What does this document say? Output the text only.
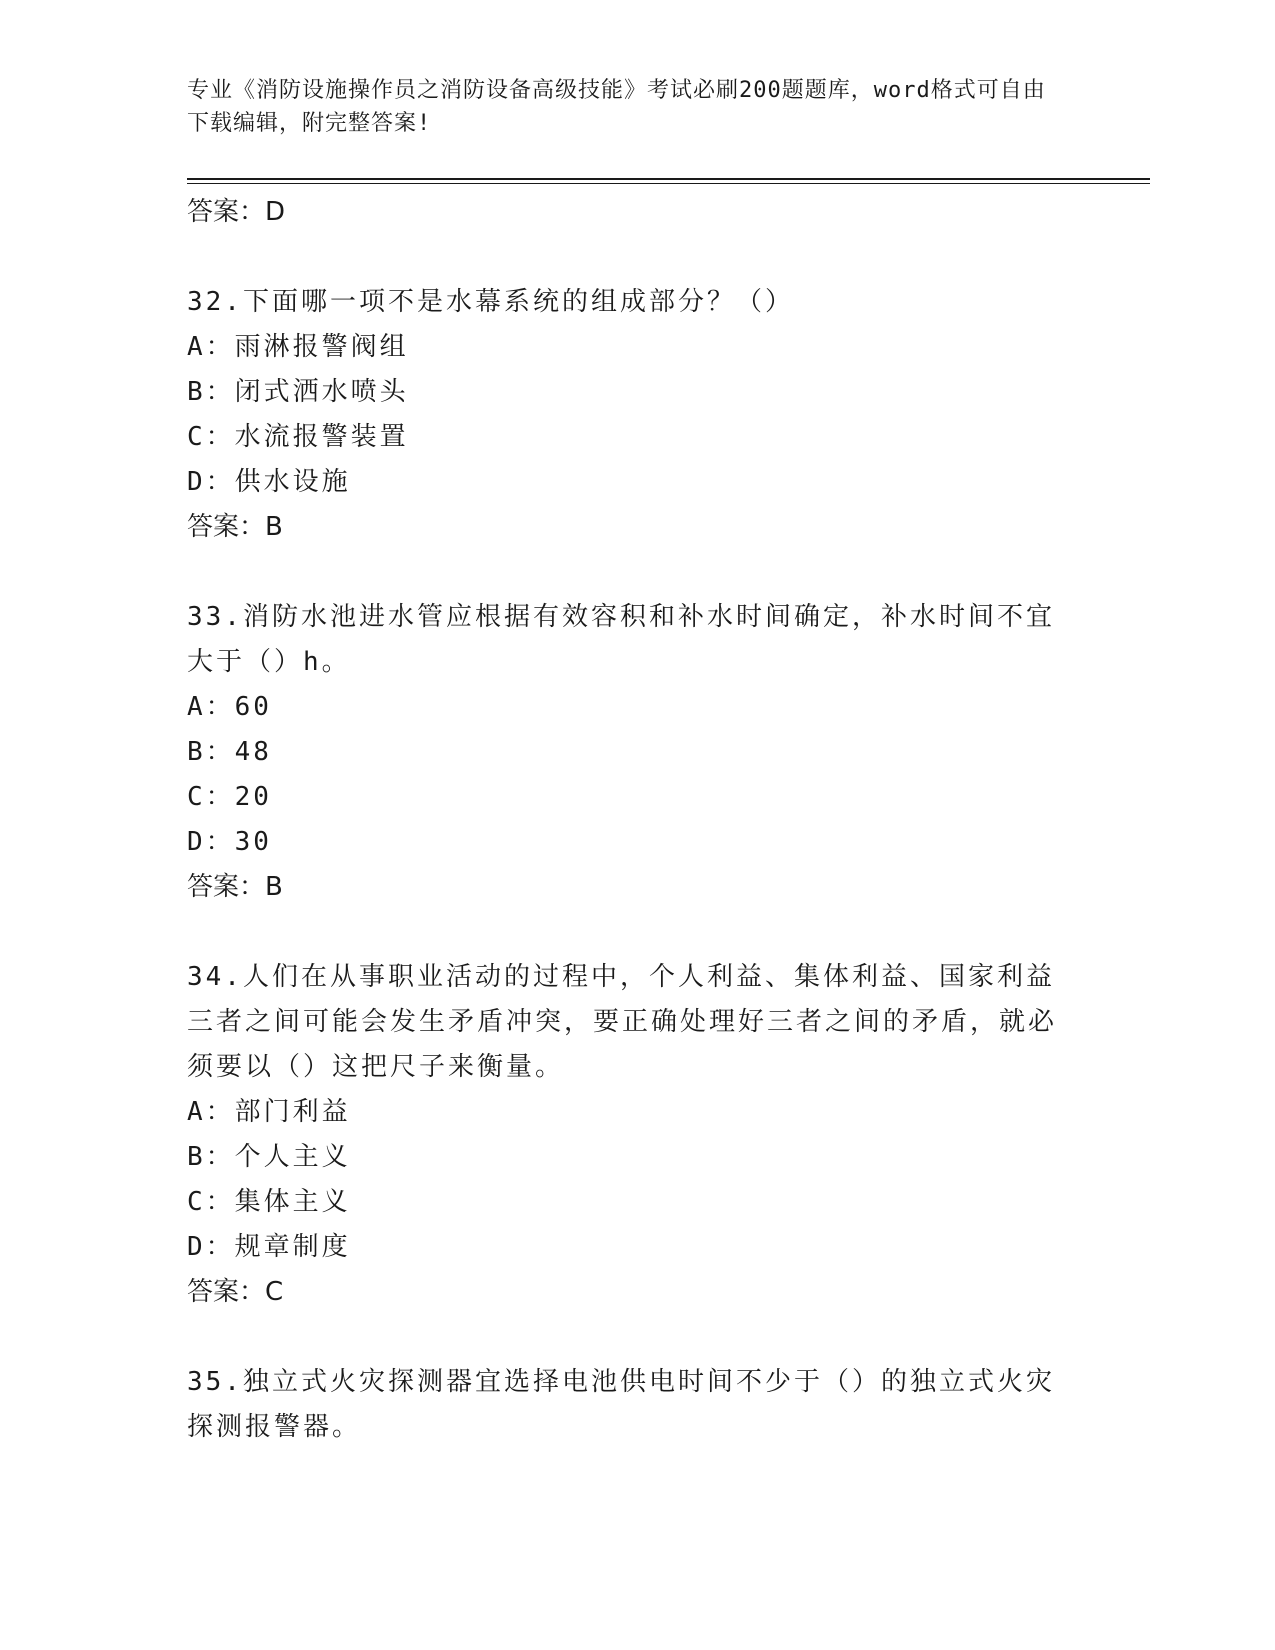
专业《消防设施操作员之消防设备高级技能》考试必刷200题题库，word格式可自由下载编辑，附完整答案!
答案：D
32.下面哪一项不是水幕系统的组成部分？（）
A：雨淋报警阀组
B：闭式洒水喷头
C：水流报警装置
D：供水设施
答案：B
33.消防水池进水管应根据有效容积和补水时间确定，补水时间不宜大于（）h。
A：60
B：48
C：20
D：30
答案：B
34.人们在从事职业活动的过程中，个人利益、集体利益、国家利益三者之间可能会发生矛盾冲突，要正确处理好三者之间的矛盾，就必须要以（）这把尺子来衡量。
A：部门利益
B：个人主义
C：集体主义
D：规章制度
答案：C
35.独立式火灾探测器宜选择电池供电时间不少于（）的独立式火灾探测报警器。
